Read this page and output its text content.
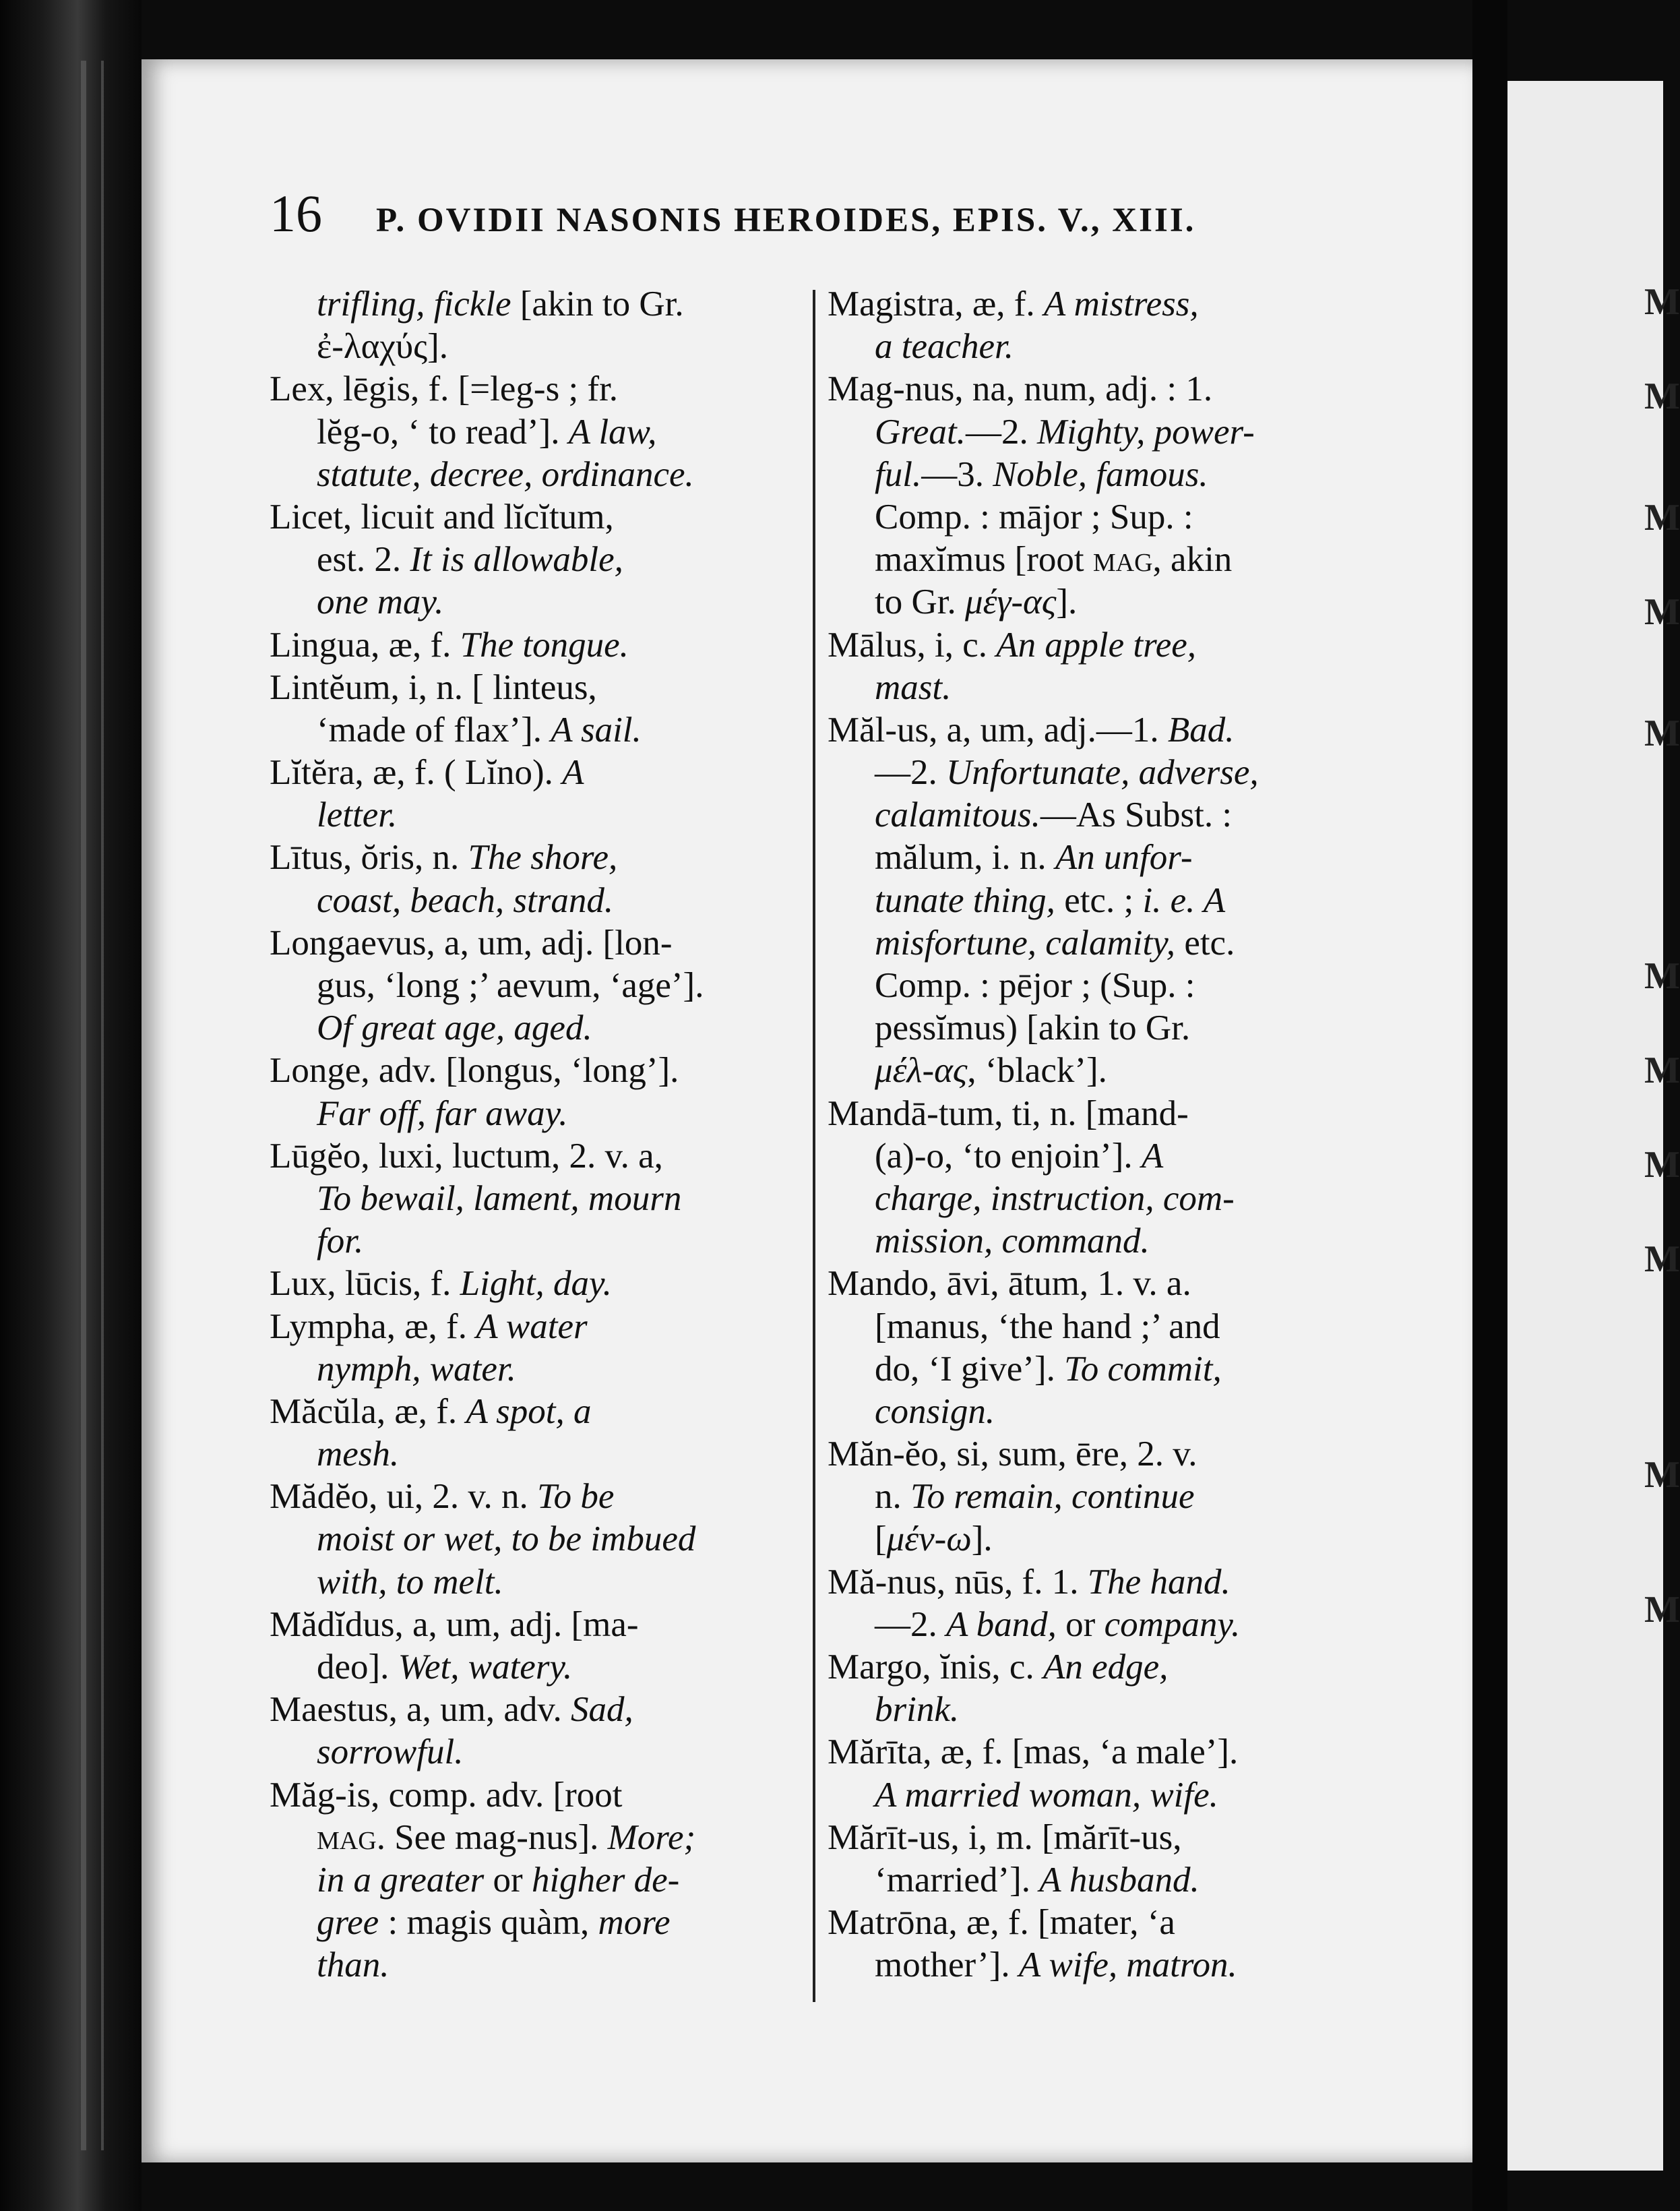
16 P. OVIDII NASONIS HEROIDES, EPIS. V., XIII.
trifling, fickle [akin to Gr.
ἐ-λαχύς].
Lex, lēgis, f. [=leg-s ; fr.
lĕg-o, ‘ to read’]. A law,
statute, decree, ordinance.
Licet, licuit and lĭcĭtum,
est. 2. It is allowable,
one may.
Lingua, æ, f. The tongue.
Lintĕum, i, n. [ linteus,
‘made of flax’]. A sail.
Lĭtĕra, æ, f. ( Lĭno). A
letter.
Lītus, ŏris, n. The shore,
coast, beach, strand.
Longaevus, a, um, adj. [lon-
gus, ‘long ;’ aevum, ‘age’].
Of great age, aged.
Longe, adv. [longus, ‘long’].
Far off, far away.
Lūgĕo, luxi, luctum, 2. v. a,
To bewail, lament, mourn
for.
Lux, lūcis, f. Light, day.
Lympha, æ, f. A water
nymph, water.
Măcŭla, æ, f. A spot, a
mesh.
Mădĕo, ui, 2. v. n. To be
moist or wet, to be imbued
with, to melt.
Mădĭdus, a, um, adj. [ma-
deo]. Wet, watery.
Maestus, a, um, adv. Sad,
sorrowful.
Măg-is, comp. adv. [root
MAG. See mag-nus]. More;
in a greater or higher de-
gree : magis quàm, more
than.
Magistra, æ, f. A mistress,
a teacher.
Mag-nus, na, num, adj. : 1.
Great.—2. Mighty, power-
ful.—3. Noble, famous.
Comp. : mājor ; Sup. :
maxĭmus [root MAG, akin
to Gr. μέγ-ας].
Mālus, i, c. An apple tree,
mast.
Măl-us, a, um, adj.—1. Bad.
—2. Unfortunate, adverse,
calamitous.—As Subst. :
mălum, i. n. An unfor-
tunate thing, etc. ; i. e. A
misfortune, calamity, etc.
Comp. : pējor ; (Sup. :
pessĭmus) [akin to Gr.
μέλ-ας, ‘black’].
Mandā-tum, ti, n. [mand-
(a)-o, ‘to enjoin’]. A
charge, instruction, com-
mission, command.
Mando, āvi, ātum, 1. v. a.
[manus, ‘the hand ;’ and
do, ‘I give’]. To commit,
consign.
Măn-ĕo, si, sum, ēre, 2. v.
n. To remain, continue
[μέν-ω].
Mă-nus, nūs, f. 1. The hand.
—2. A band, or company.
Margo, ĭnis, c. An edge,
brink.
Mărīta, æ, f. [mas, ‘a male’].
A married woman, wife.
Mărīt-us, i, m. [mărīt-us,
‘married’]. A husband.
Matrōna, æ, f. [mater, ‘a
mother’]. A wife, matron.
M
M
M
M
M
M
M
M
M
M
M
